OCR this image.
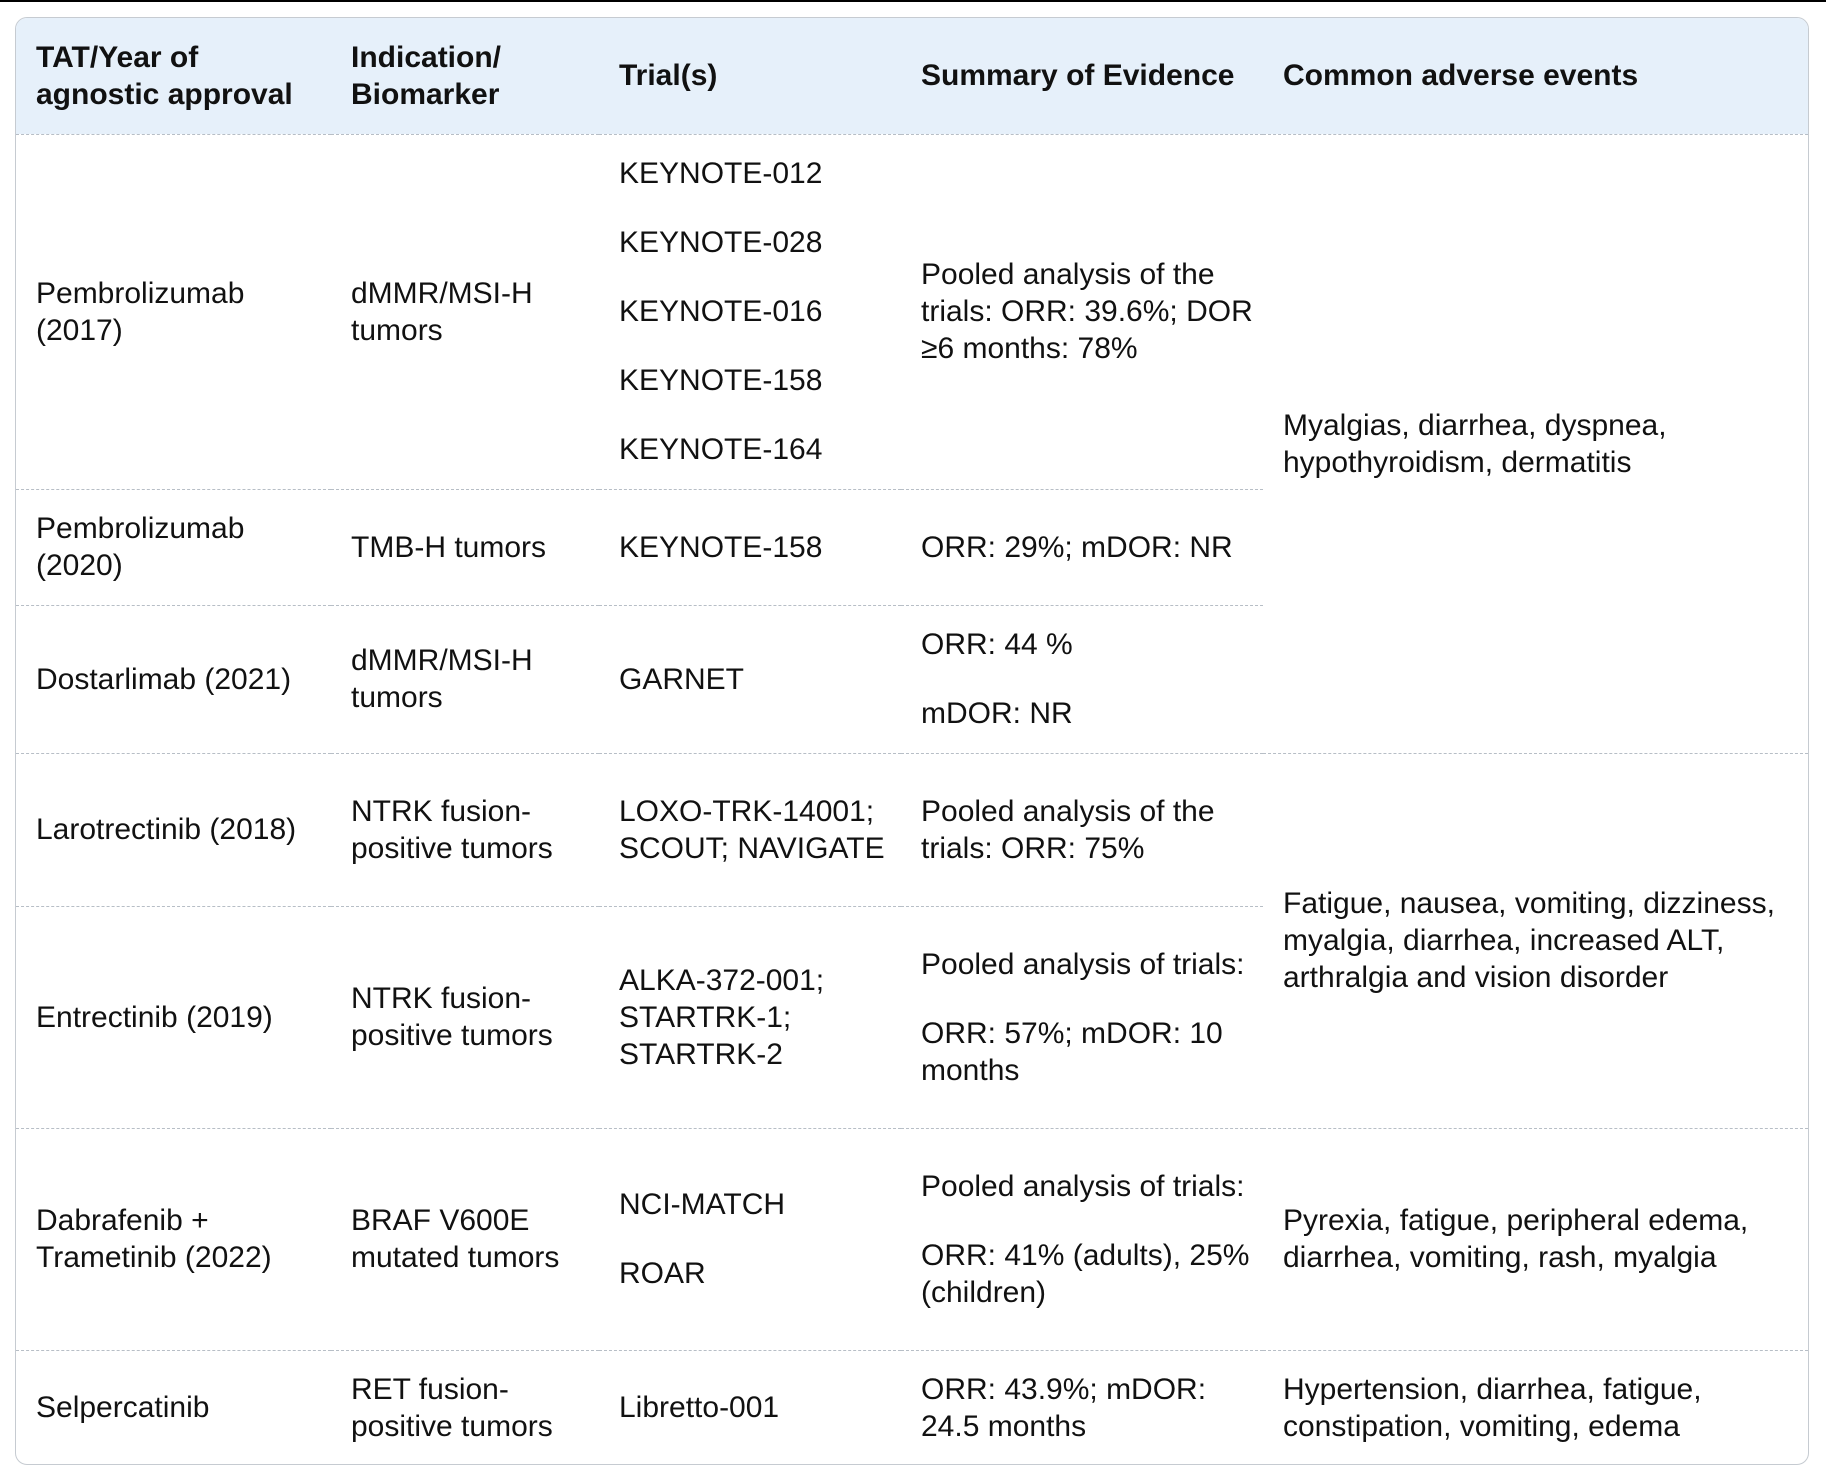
TAT/Year of agnostic approval	Indication/ Biomarker	Trial(s)	Summary of Evidence	Common adverse events
Pembrolizumab (2017)	dMMR/MSI-H tumors	KEYNOTE-012
KEYNOTE-028
KEYNOTE-016
KEYNOTE-158
KEYNOTE-164	Pooled analysis of the trials: ORR: 39.6%; DOR ≥6 months: 78%	Myalgias, diarrhea, dyspnea, hypothyroidism, dermatitis
Pembrolizumab (2020)	TMB-H tumors	KEYNOTE-158	ORR: 29%; mDOR: NR	

Dostarlimab (2021)	dMMR/MSI-H tumors	GARNET	ORR: 44 %
mDOR: NR	

Larotrectinib (2018)	NTRK fusion-positive tumors	LOXO-TRK-14001; SCOUT; NAVIGATE	Pooled analysis of the trials: ORR: 75%	Fatigue, nausea, vomiting, dizziness, myalgia, diarrhea, increased ALT, arthralgia and vision disorder
Entrectinib (2019)	NTRK fusion-positive tumors	ALKA-372-001; STARTRK-1; STARTRK-2	Pooled analysis of trials:
ORR: 57%; mDOR: 10 months	

Dabrafenib + Trametinib (2022)	BRAF V600E mutated tumors	NCI-MATCH
ROAR	Pooled analysis of trials:
ORR: 41% (adults), 25% (children)	Pyrexia, fatigue, peripheral edema, diarrhea, vomiting, rash, myalgia
Selpercatinib	RET fusion-positive tumors	Libretto-001	ORR: 43.9%; mDOR: 24.5 months	Hypertension, diarrhea, fatigue, constipation, vomiting, edema
